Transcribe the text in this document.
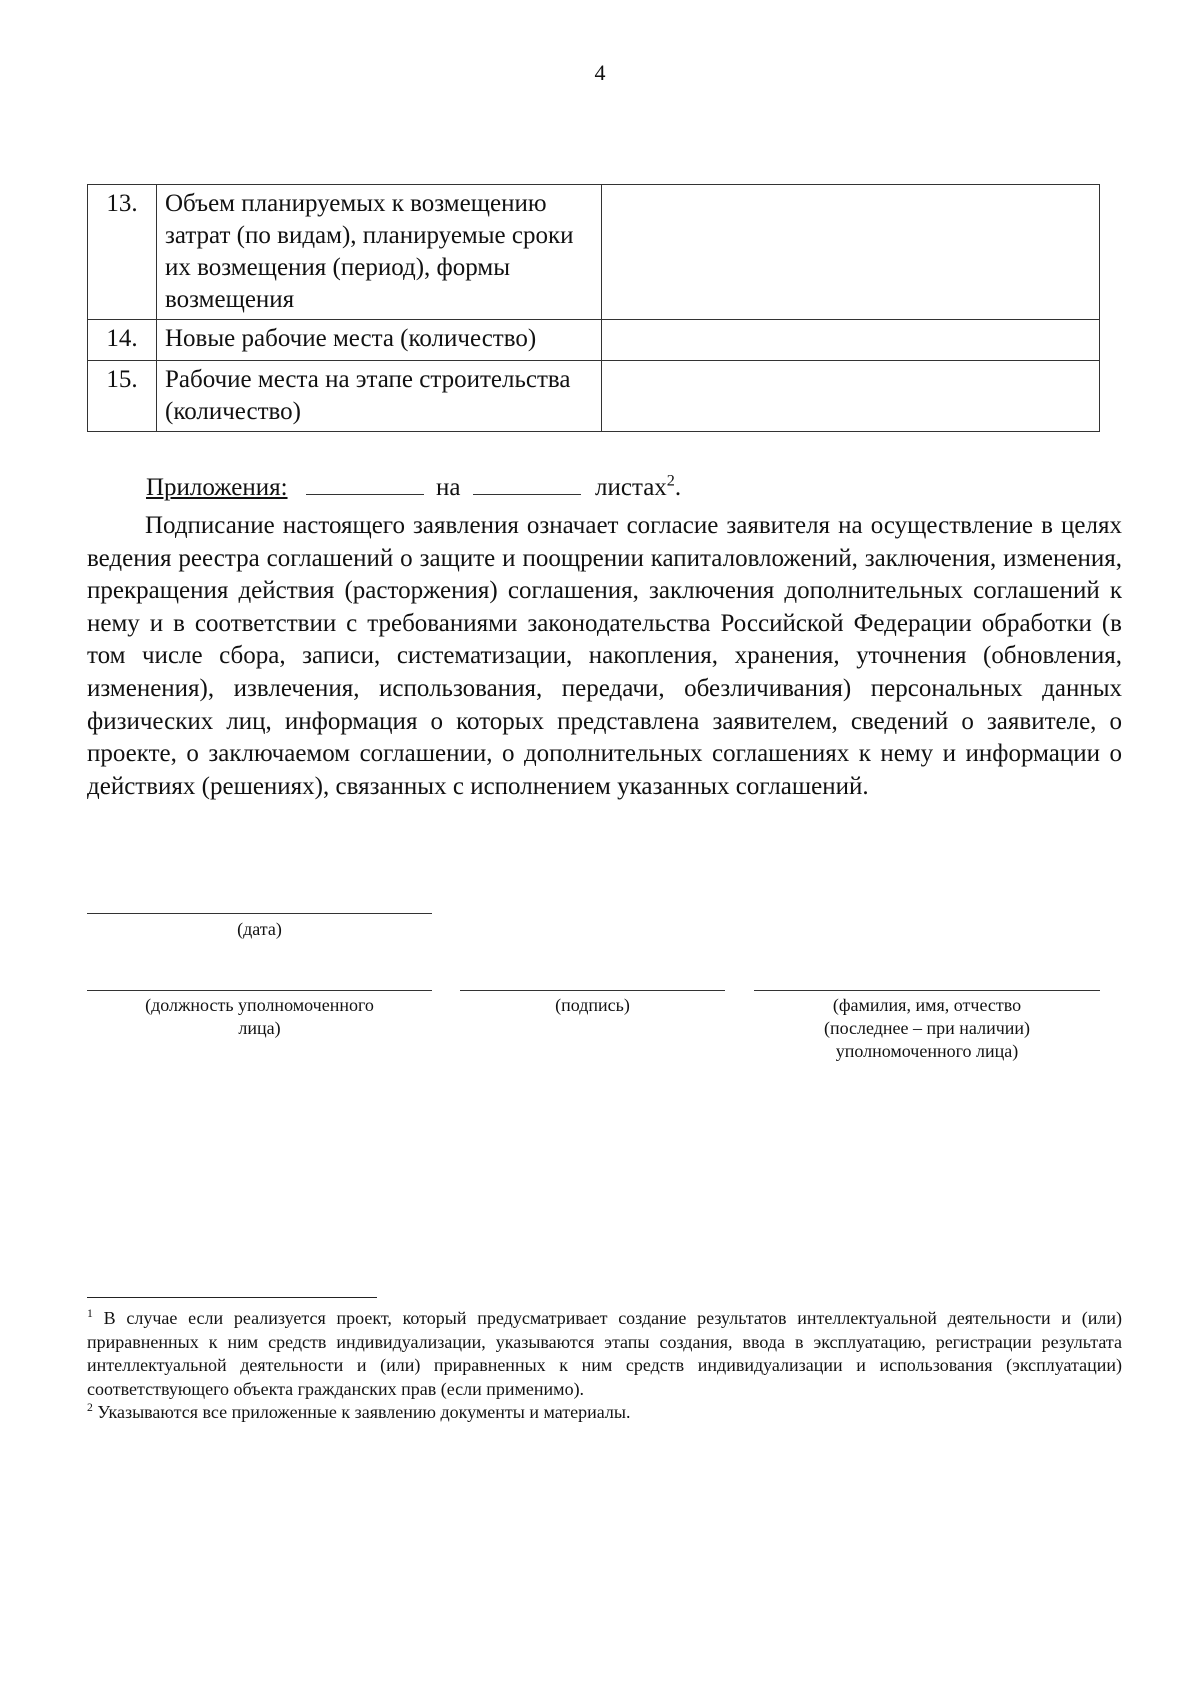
4
13.	Объем планируемых к возмещению затрат (по видам), планируемые сроки их возмещения (период), формы возмещения	
14.	Новые рабочие места (количество)	
15.	Рабочие места на этапе строительства (количество)	
Приложения:	на	листах$^2$.

Подписание настоящего заявления означает согласие заявителя на осуществление в целях ведения реестра соглашений о защите и поощрении капиталовложений, заключения, изменения, прекращения действия (расторжения) соглашения, заключения дополнительных соглашений к нему и в соответствии с требованиями законодательства Российской Федерации обработки (в том числе сбора, записи, систематизации, накопления, хранения, уточнения (обновления, изменения), извлечения, использования, передачи, обезличивания) персональных данных физических лиц, информация о которых представлена заявителем, сведений о заявителе, о проекте, о заключаемом соглашении, о дополнительных соглашениях к нему и информации о действиях (решениях), связанных с исполнением указанных соглашений.

(дата)
(должность уполномоченного лица)
(подпись)	(фамилия, имя, отчество (последнее – при наличии) уполномоченного лица)

$^1$ В случае если реализуется проект, который предусматривает создание результатов интеллектуальной деятельности и (или) приравненных к ним средств индивидуализации, указываются этапы создания, ввода в эксплуатацию, регистрации результата интеллектуальной деятельности и (или) приравненных к ним средств индивидуализации и использования (эксплуатации) соответствующего объекта гражданских прав (если применимо).

$^2$ Указываются все приложенные к заявлению документы и материалы.
